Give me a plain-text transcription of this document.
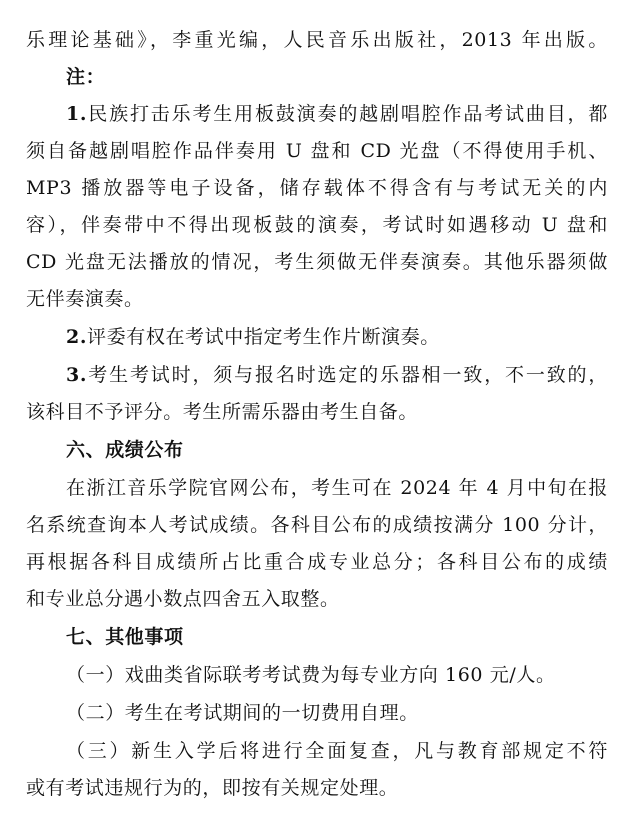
乐理论基础》，李重光编，人民音乐出版社，2013 年出版。
注：
1.民族打击乐考生用板鼓演奏的越剧唱腔作品考试曲目，都
须自备越剧唱腔作品伴奏用 U 盘和 CD 光盘（不得使用手机、
MP3 播放器等电子设备，储存载体不得含有与考试无关的内
容），伴奏带中不得出现板鼓的演奏，考试时如遇移动 U 盘和
CD 光盘无法播放的情况，考生须做无伴奏演奏。其他乐器须做
无伴奏演奏。
2.评委有权在考试中指定考生作片断演奏。
3.考生考试时，须与报名时选定的乐器相一致，不一致的，
该科目不予评分。考生所需乐器由考生自备。
六、成绩公布
在浙江音乐学院官网公布，考生可在 2024 年 4 月中旬在报
名系统查询本人考试成绩。各科目公布的成绩按满分 100 分计，
再根据各科目成绩所占比重合成专业总分；各科目公布的成绩
和专业总分遇小数点四舍五入取整。
七、其他事项
（一）戏曲类省际联考考试费为每专业方向 160 元/人。
（二）考生在考试期间的一切费用自理。
（三）新生入学后将进行全面复查，凡与教育部规定不符
或有考试违规行为的，即按有关规定处理。
